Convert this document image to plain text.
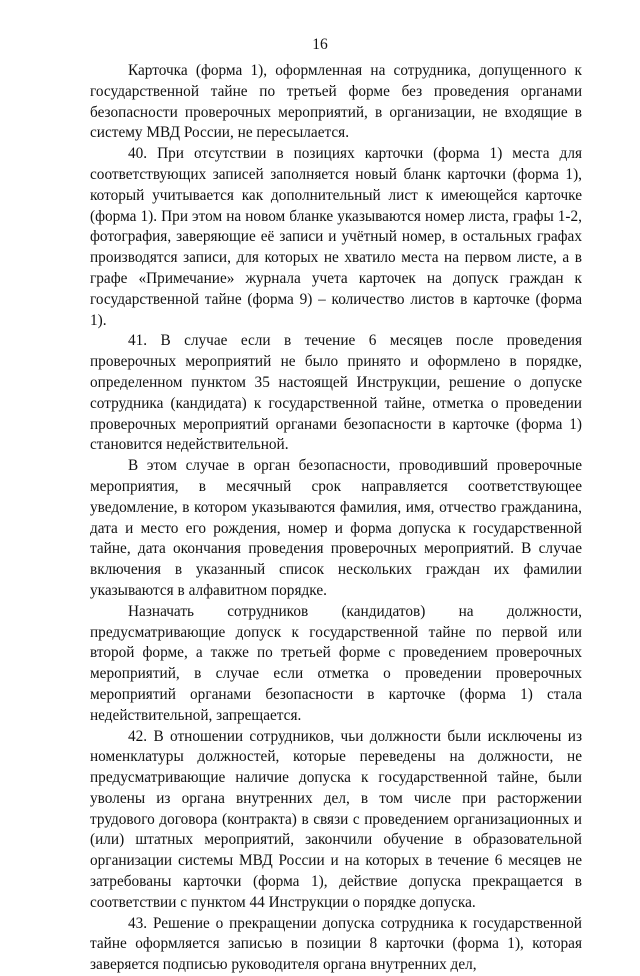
16

Карточка (форма 1), оформленная на сотрудника, допущенного к государственной тайне по третьей форме без проведения органами безопасности проверочных мероприятий, в организации, не входящие в систему МВД России, не пересылается.

40. При отсутствии в позициях карточки (форма 1) места для соответствующих записей заполняется новый бланк карточки (форма 1), который учитывается как дополнительный лист к имеющейся карточке (форма 1). При этом на новом бланке указываются номер листа, графы 1-2, фотография, заверяющие её записи и учётный номер, в остальных графах производятся записи, для которых не хватило места на первом листе, а в графе «Примечание» журнала учета карточек на допуск граждан к государственной тайне (форма 9) – количество листов в карточке (форма 1).

41. В случае если в течение 6 месяцев после проведения проверочных мероприятий не было принято и оформлено в порядке, определенном пунктом 35 настоящей Инструкции, решение о допуске сотрудника (кандидата) к государственной тайне, отметка о проведении проверочных мероприятий органами безопасности в карточке (форма 1) становится недействительной.

В этом случае в орган безопасности, проводивший проверочные мероприятия, в месячный срок направляется соответствующее уведомление, в котором указываются фамилия, имя, отчество гражданина, дата и место его рождения, номер и форма допуска к государственной тайне, дата окончания проведения проверочных мероприятий. В случае включения в указанный список нескольких граждан их фамилии указываются в алфавитном порядке.

Назначать сотрудников (кандидатов) на должности, предусматривающие допуск к государственной тайне по первой или второй форме, а также по третьей форме с проведением проверочных мероприятий, в случае если отметка о проведении проверочных мероприятий органами безопасности в карточке (форма 1) стала недействительной, запрещается.

42. В отношении сотрудников, чьи должности были исключены из номенклатуры должностей, которые переведены на должности, не предусматривающие наличие допуска к государственной тайне, были уволены из органа внутренних дел, в том числе при расторжении трудового договора (контракта) в связи с проведением организационных и (или) штатных мероприятий, закончили обучение в образовательной организации системы МВД России и на которых в течение 6 месяцев не затребованы карточки (форма 1), действие допуска прекращается в соответствии с пунктом 44 Инструкции о порядке допуска.

43. Решение о прекращении допуска сотрудника к государственной тайне оформляется записью в позиции 8 карточки (форма 1), которая заверяется подписью руководителя органа внутренних дел,
